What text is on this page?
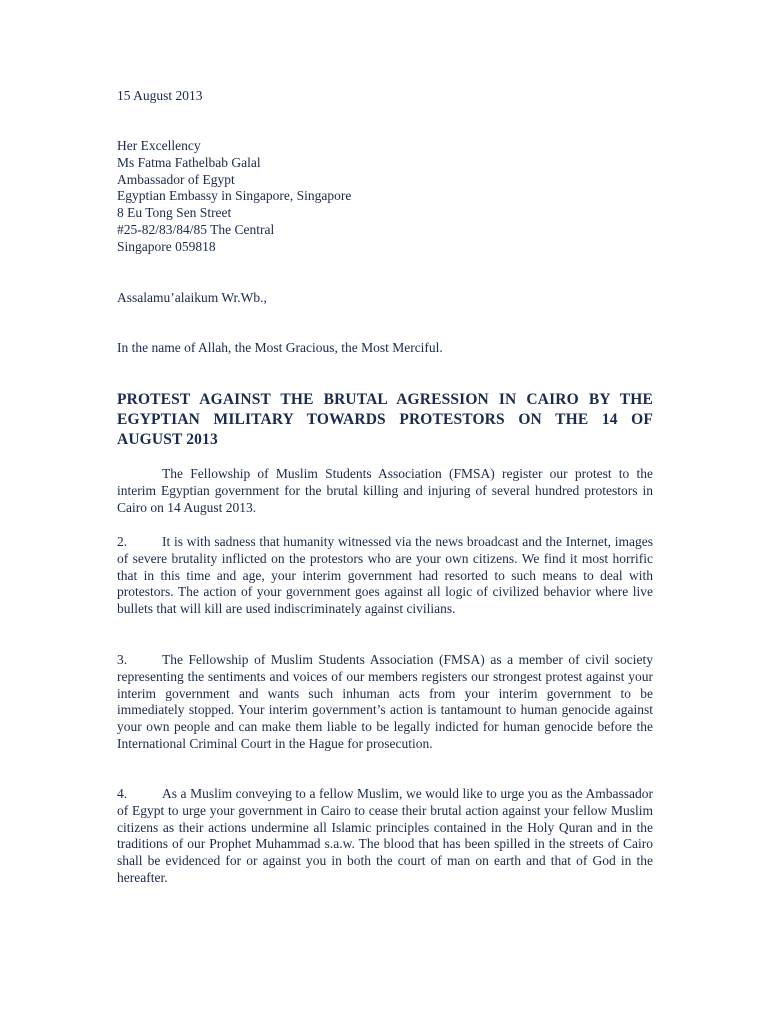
15 August 2013
Her Excellency
Ms Fatma Fathelbab Galal
Ambassador of Egypt
Egyptian Embassy in Singapore, Singapore
8 Eu Tong Sen Street
#25-82/83/84/85 The Central
Singapore 059818
Assalamu’alaikum Wr.Wb.,
In the name of Allah, the Most Gracious, the Most Merciful.
PROTEST AGAINST THE BRUTAL AGRESSION IN CAIRO BY THE EGYPTIAN MILITARY TOWARDS PROTESTORS ON THE 14 OF AUGUST 2013
The Fellowship of Muslim Students Association (FMSA) register our protest to the interim Egyptian government for the brutal killing and injuring of several hundred protestors in Cairo on 14 August 2013.
2.	It is with sadness that humanity witnessed via the news broadcast and the Internet, images of severe brutality inflicted on the protestors who are your own citizens. We find it most horrific that in this time and age, your interim government had resorted to such means to deal with protestors. The action of your government goes against all logic of civilized behavior where live bullets that will kill are used indiscriminately against civilians.
3.	The Fellowship of Muslim Students Association (FMSA) as a member of civil society representing the sentiments and voices of our members registers our strongest protest against your interim government and wants such inhuman acts from your interim government to be immediately stopped. Your interim government’s action is tantamount to human genocide against your own people and can make them liable to be legally indicted for human genocide before the International Criminal Court in the Hague for prosecution.
4.	As a Muslim conveying to a fellow Muslim, we would like to urge you as the Ambassador of Egypt to urge your government in Cairo to cease their brutal action against your fellow Muslim citizens as their actions undermine all Islamic principles contained in the Holy Quran and in the traditions of our Prophet Muhammad s.a.w. The blood that has been spilled in the streets of Cairo shall be evidenced for or against you in both the court of man on earth and that of God in the hereafter.
